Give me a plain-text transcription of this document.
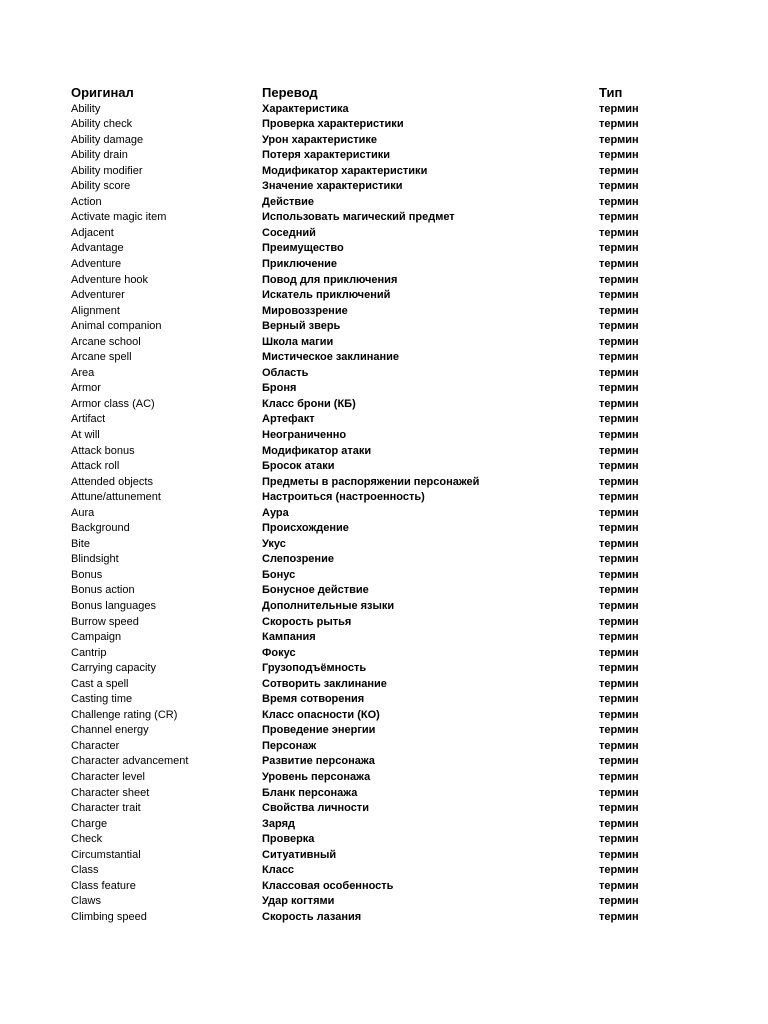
Оригинал	Перевод	Тип
Ability	Характеристика	термин
Ability check	Проверка характеристики	термин
Ability damage	Урон характеристике	термин
Ability drain	Потеря характеристики	термин
Ability modifier	Модификатор характеристики	термин
Ability score	Значение характеристики	термин
Action	Действие	термин
Activate magic item	Использовать магический предмет	термин
Adjacent	Соседний	термин
Advantage	Преимущество	термин
Adventure	Приключение	термин
Adventure hook	Повод для приключения	термин
Adventurer	Искатель приключений	термин
Alignment	Мировоззрение	термин
Animal companion	Верный зверь	термин
Arcane school	Школа магии	термин
Arcane spell	Мистическое заклинание	термин
Area	Область	термин
Armor	Броня	термин
Armor class (AC)	Класс брони (КБ)	термин
Artifact	Артефакт	термин
At will	Неограниченно	термин
Attack bonus	Модификатор атаки	термин
Attack roll	Бросок атаки	термин
Attended objects	Предметы в распоряжении персонажей	термин
Attune/attunement	Настроиться (настроенность)	термин
Aura	Аура	термин
Background	Происхождение	термин
Bite	Укус	термин
Blindsight	Слепозрение	термин
Bonus	Бонус	термин
Bonus action	Бонусное действие	термин
Bonus languages	Дополнительные языки	термин
Burrow speed	Скорость рытья	термин
Campaign	Кампания	термин
Cantrip	Фокус	термин
Carrying capacity	Грузоподъёмность	термин
Cast a spell	Сотворить заклинание	термин
Casting time	Время сотворения	термин
Challenge rating (CR)	Класс опасности (КО)	термин
Channel energy	Проведение энергии	термин
Character	Персонаж	термин
Character advancement	Развитие персонажа	термин
Character level	Уровень персонажа	термин
Character sheet	Бланк персонажа	термин
Character trait	Свойства личности	термин
Charge	Заряд	термин
Check	Проверка	термин
Circumstantial	Ситуативный	термин
Class	Класс	термин
Class feature	Классовая особенность	термин
Claws	Удар когтями	термин
Climbing speed	Скорость лазания	термин
